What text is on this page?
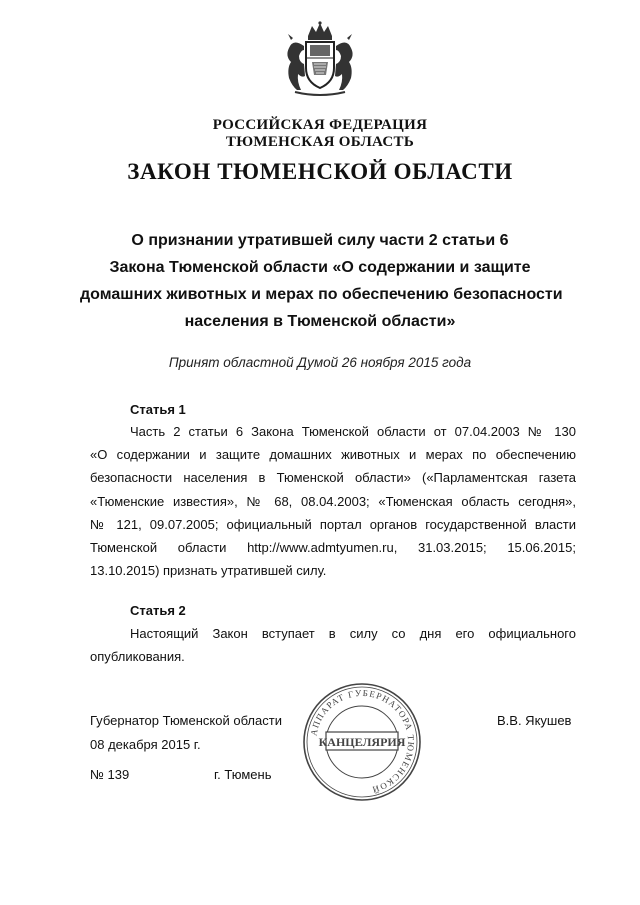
РОССИЙСКАЯ ФЕДЕРАЦИЯ
ТЮМЕНСКАЯ ОБЛАСТЬ
ЗАКОН ТЮМЕНСКОЙ ОБЛАСТИ
О признании утратившей силу части 2 статьи 6
Закона Тюменской области «О содержании и защите
домашних животных и мерах по обеспечению безопасности
населения в Тюменской области»
Принят областной Думой 26 ноября 2015 года
Статья 1
Часть 2 статьи 6 Закона Тюменской области от 07.04.2003 № 130
«О содержании и защите домашних животных и мерах по обеспечению
безопасности населения в Тюменской области» («Парламентская газета
«Тюменские известия», № 68, 08.04.2003; «Тюменская область сегодня»,
№ 121, 09.07.2005; официальный портал органов государственной власти
Тюменской области http://www.admtyumen.ru, 31.03.2015; 15.06.2015;
13.10.2015) признать утратившей силу.
Статья 2
Настоящий Закон вступает в силу со дня его официального
опубликования.
АППАРАТ ГУБЕРНАТОРА ТЮМЕНСКОЙ
КАНЦЕЛЯРИЯ
Губернатор Тюменской области	В.В. Якушев
08 декабря 2015 г.
№ 139	г. Тюмень
